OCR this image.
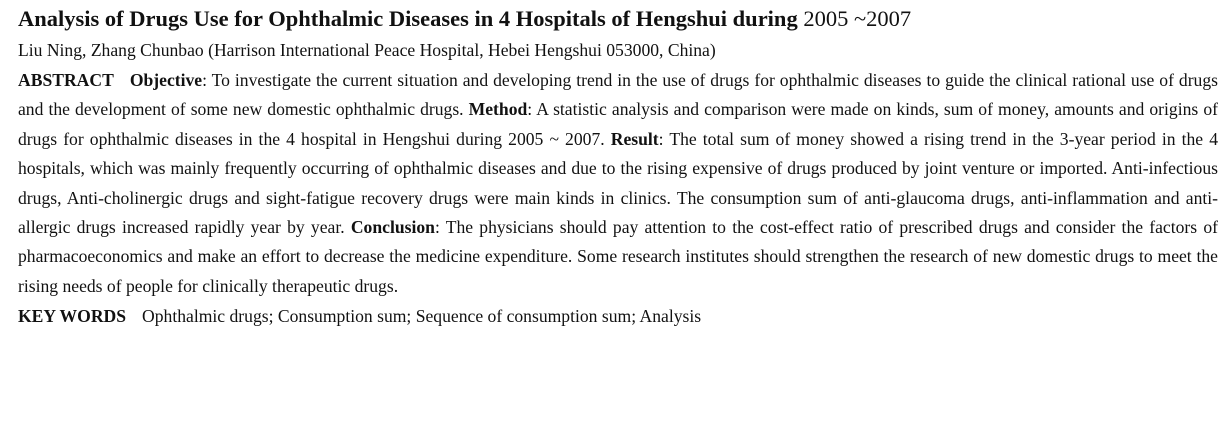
Analysis of Drugs Use for Ophthalmic Diseases in 4 Hospitals of Hengshui during 2005 ~2007
Liu Ning, Zhang Chunbao (Harrison International Peace Hospital, Hebei Hengshui 053000, China)

ABSTRACT Objective: To investigate the current situation and developing trend in the use of drugs for ophthalmic diseases to guide the clinical rational use of drugs and the development of some new domestic ophthalmic drugs. Method: A statistic analysis and comparison were made on kinds, sum of money, amounts and origins of drugs for ophthalmic diseases in the 4 hospital in Hengshui during 2005 ~ 2007. Result: The total sum of money showed a rising trend in the 3-year period in the 4 hospitals, which was mainly frequently occurring of ophthalmic diseases and due to the rising expensive of drugs produced by joint venture or imported. Anti-infectious drugs, Anti-cholinergic drugs and sight-fatigue recovery drugs were main kinds in clinics. The consumption sum of anti-glaucoma drugs, anti-inflammation and anti-allergic drugs increased rapidly year by year. Conclusion: The physicians should pay attention to the cost-effect ratio of prescribed drugs and consider the factors of pharmacoeconomics and make an effort to decrease the medicine expenditure. Some research institutes should strengthen the research of new domestic drugs to meet the rising needs of people for clinically therapeutic drugs.

KEY WORDS Ophthalmic drugs; Consumption sum; Sequence of consumption sum; Analysis
